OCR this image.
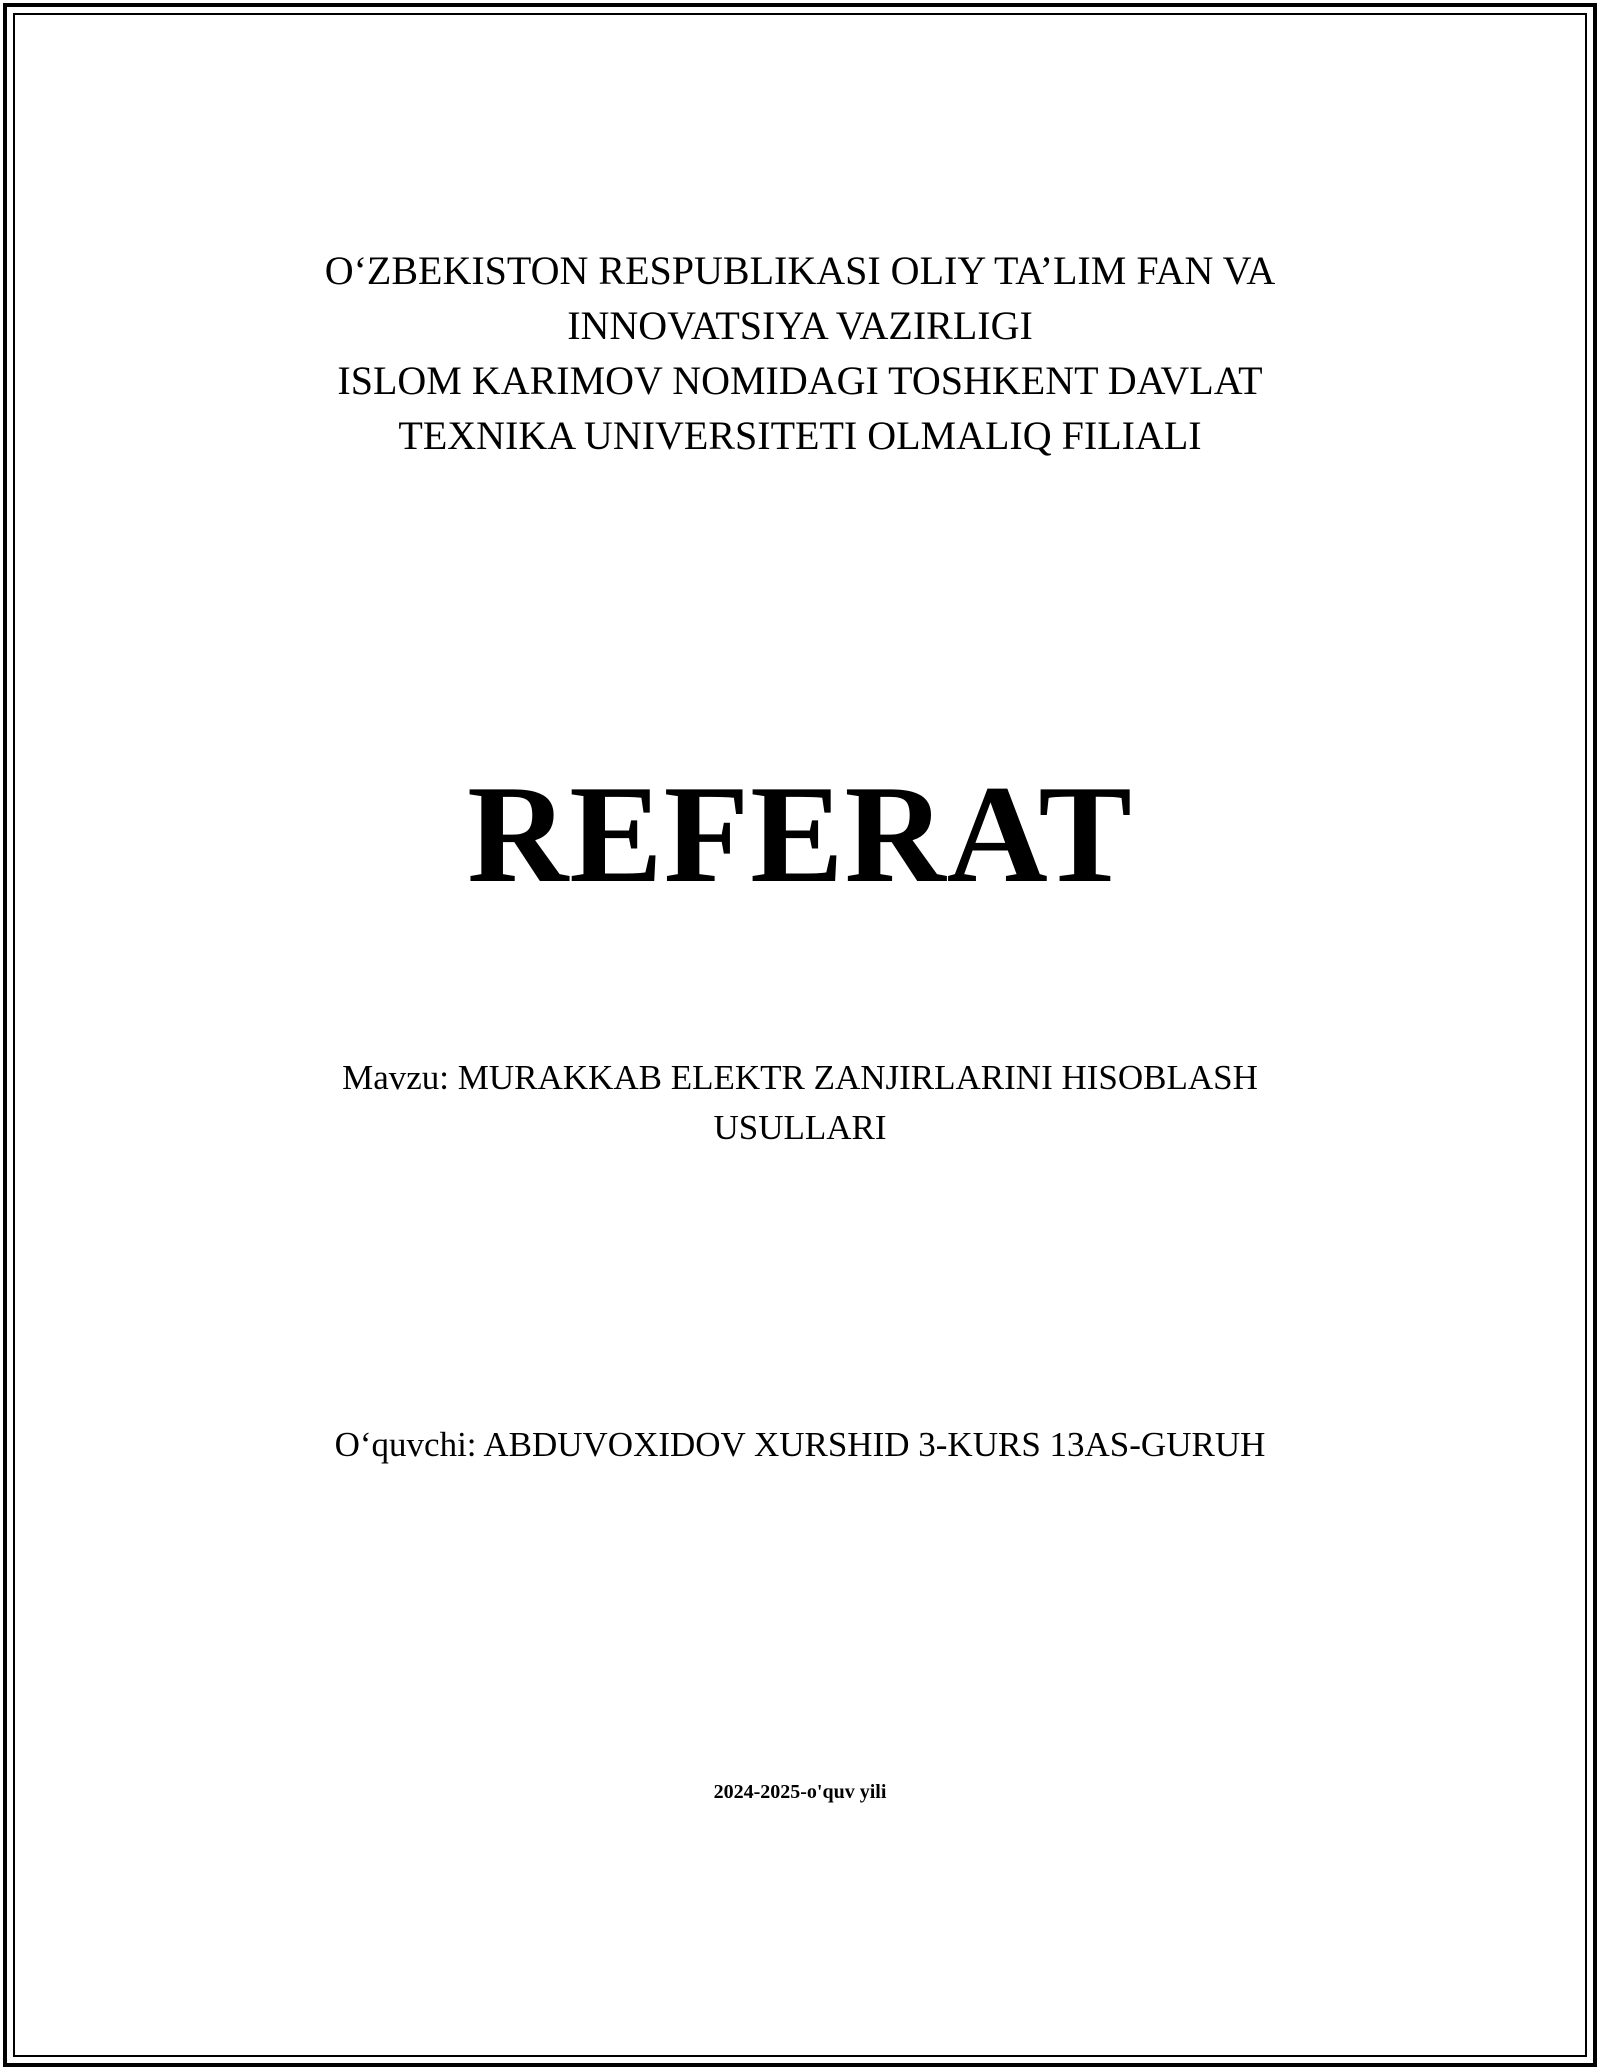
O‘ZBEKISTON RESPUBLIKASI OLIY TA’LIM FAN VA
INNOVATSIYA VAZIRLIGI
ISLOM KARIMOV NOMIDAGI TOSHKENT DAVLAT
TEXNIKA UNIVERSITETI OLMALIQ FILIALI
REFERAT
Mavzu: MURAKKAB ELEKTR ZANJIRLARINI HISOBLASH
USULLARI
O‘quvchi: ABDUVOXIDOV XURSHID 3-KURS 13AS-GURUH
2024-2025-o'quv yili
